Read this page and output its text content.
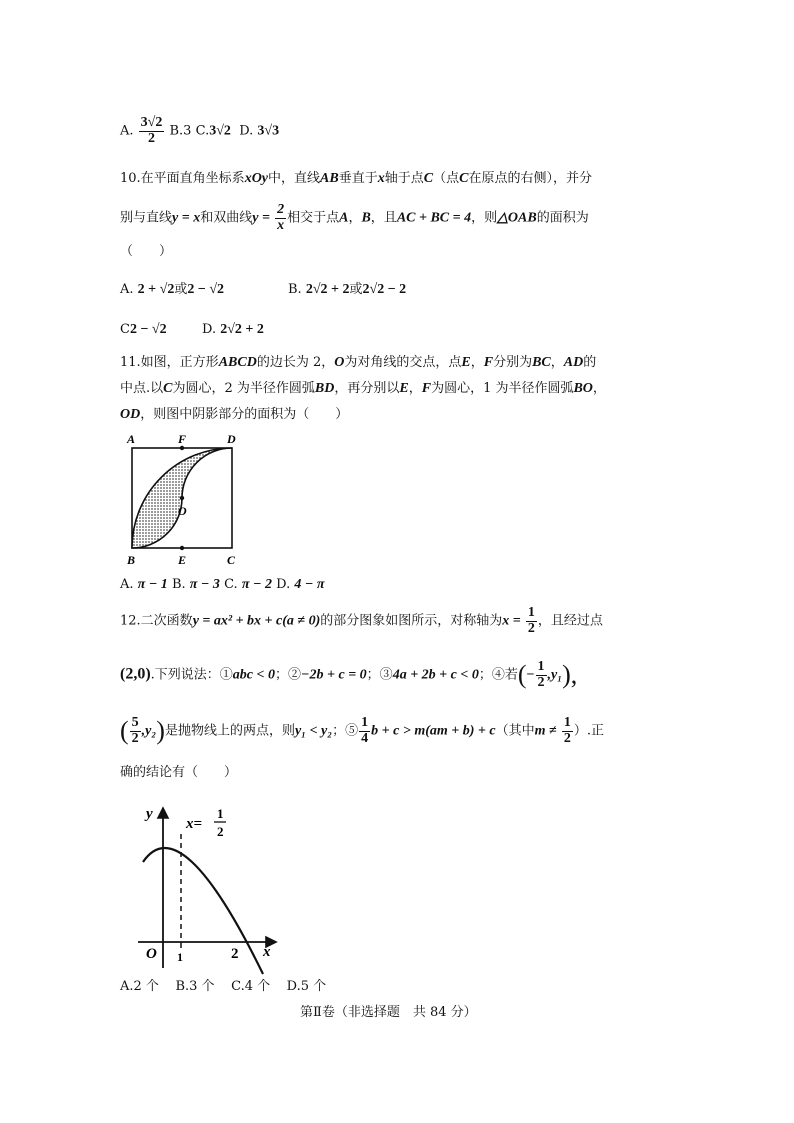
A. $\frac{3√2}{2} B.3$ C.3√2 D. 3√3
10.在平面直角坐标系xOy中，直线AB垂直于x轴于点C（点C在原点的右侧），并分
别与直线y = x和双曲线$y = \frac{2}{x}$ 相交于点A，B，且AC + BC = 4，则△OAB的面积为
（　　）
A. 2 + √2或2 − √2	B. 2√2 + 2或2√2 − 2
C2 − √2	D. 2√2 + 2
11.如图，正方形ABCD的边长为 2，O为对角线的交点，点E，F分别为BC，AD的
中点.以C为圆心，2 为半径作圆弧BD，再分别以E，F为圆心，1 为半径作圆弧BO，
OD，则图中阴影部分的面积为（　　）
A	F	D
O
B	E	C
A. π − 1 B. π − 3 C. π − 2 D. 4 − π
12.二次函数y = ax² + bx + c(a ≠ 0)的部分图象如图所示，对称轴为$x = \frac{1}{2}$ ，且经过点
(2,0).下列说法：①abc < 0；②−2b + c = 0；③4a + 2b + c < 0；④若(− $\frac{1}{2} ,y_1$),
( $\frac{5}{2} ,y_2$)是抛物线上的两点，则y₁ < y₂；⑤ $\frac{1}{4}$ b + c > m(am + b) + c（其中$m \ne \frac{1}{2}$ ）.正
确的结论有（　　）
y
x
O 1	2
x=
1
2
A.2 个 B.3 个 C.4 个 D.5 个
第Ⅱ卷（非选择题　共 84 分）
